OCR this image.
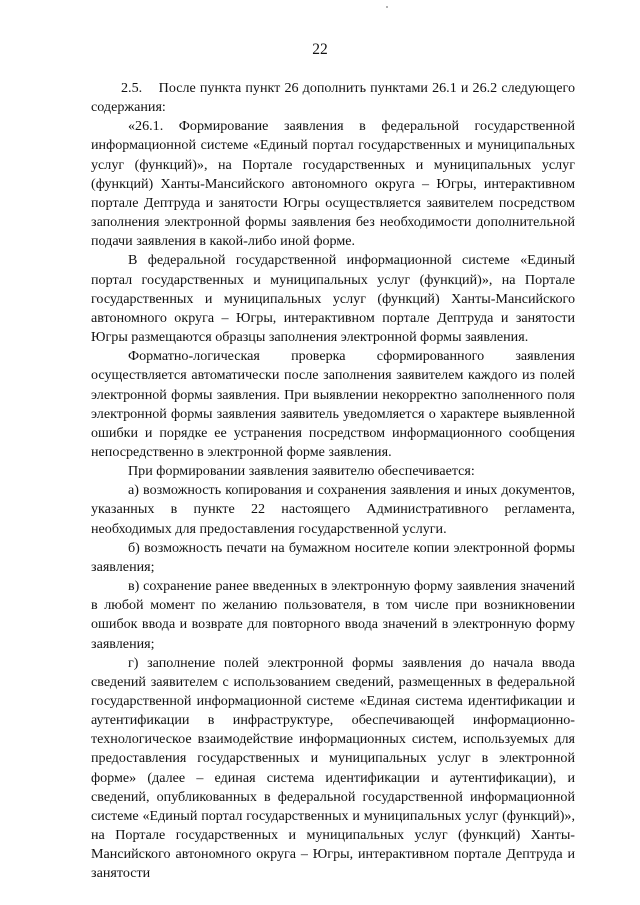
22

2.5. После пункта пункт 26 дополнить пунктами 26.1 и 26.2 следующего содержания:

«26.1. Формирование заявления в федеральной государственной информационной системе «Единый портал государственных и муниципальных услуг (функций)», на Портале государственных и муниципальных услуг (функций) Ханты-Мансийского автономного округа – Югры, интерактивном портале Дептруда и занятости Югры осуществляется заявителем посредством заполнения электронной формы заявления без необходимости дополнительной подачи заявления в какой-либо иной форме.

В федеральной государственной информационной системе «Единый портал государственных и муниципальных услуг (функций)», на Портале государственных и муниципальных услуг (функций) Ханты-Мансийского автономного округа – Югры, интерактивном портале Дептруда и занятости Югры размещаются образцы заполнения электронной формы заявления.

Форматно-логическая проверка сформированного заявления осуществляется автоматически после заполнения заявителем каждого из полей электронной формы заявления. При выявлении некорректно заполненного поля электронной формы заявления заявитель уведомляется о характере выявленной ошибки и порядке ее устранения посредством информационного сообщения непосредственно в электронной форме заявления.

При формировании заявления заявителю обеспечивается:

а) возможность копирования и сохранения заявления и иных документов, указанных в пункте 22 настоящего Административного регламента, необходимых для предоставления государственной услуги.

б) возможность печати на бумажном носителе копии электронной формы заявления;

в) сохранение ранее введенных в электронную форму заявления значений в любой момент по желанию пользователя, в том числе при возникновении ошибок ввода и возврате для повторного ввода значений в электронную форму заявления;

г) заполнение полей электронной формы заявления до начала ввода сведений заявителем с использованием сведений, размещенных в федеральной государственной информационной системе «Единая система идентификации и аутентификации в инфраструктуре, обеспечивающей информационно-технологическое взаимодействие информационных систем, используемых для предоставления государственных и муниципальных услуг в электронной форме» (далее – единая система идентификации и аутентификации), и сведений, опубликованных в федеральной государственной информационной системе «Единый портал государственных и муниципальных услуг (функций)», на Портале государственных и муниципальных услуг (функций) Ханты-Мансийского автономного округа – Югры, интерактивном портале Дептруда и занятости
